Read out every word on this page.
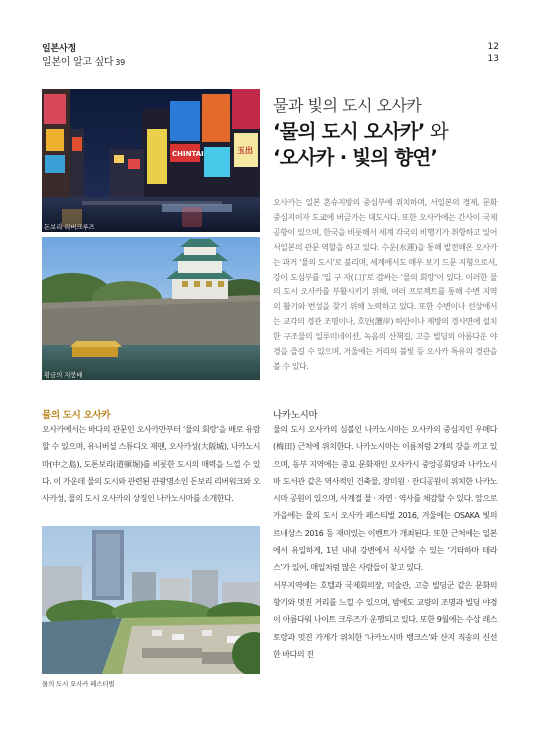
일본사정
일본이 알고 싶다 39
12
13
CHINTAI	玉出
돈보리 리버크루즈
황금의 지붕배
물과 빛의 도시 오사카
‘물의 도시 오사카’ 와
‘오사카 · 빛의 향연’
오사카는 일본 혼슈지방의 중심부에 위치하며, 서일본의 경제, 문화 중심지이자 도쿄에 버금가는 대도시다. 또한 오사카에는 간사이 국제공항이 있으며, 한국을 비롯해서 세계 각국의 비행기가 취항하고 있어 서일본의 관문 역할을 하고 있다. 수운(水運)을 통해 발전해온 오사카는 과거 ‘물의 도시’로 불리며, 세계에서도 매우 보기 드문 지형으로서, 강이 도심부를 ‘입 구 자(口)’로 감싸는 ‘물의 회랑’이 있다. 이러한 물의 도시 오사카를 부활시키기 위해, 여러 프로젝트를 통해 수변 지역의 활기와 번성을 찾기 위해 노력하고 있다. 또한 수변이나 선상에서는 교각의 경관 조명이나, 호안(護岸) 하안이나 제방의 경사면에 설치한 구조물의 일루미네이션, 녹음의 산책길, 고층 빌딩의 아름다운 야경을 즐길 수 있으며, 거울에는 거리의 불빛 등 오사카 특유의 경관을 볼 수 있다.
물의 도시 오사카
오사카에서는 바다의 관문인 오사카만부터 ‘물의 회랑’을 배로 유람할 수 있으며, 유니버셜 스튜디오 재팬, 오사카성(大阪城), 나카노시마(中之島), 도톤보리(道頓堀)를 비롯한 도시의 매력을 느낄 수 있다. 이 가운데 물의 도시와 관련된 관광명소인 돈보리 리버워크와 오사카성, 물의 도시 오사카의 상징인 나카노시마를 소개한다.
물의 도시 오사카 페스티벌
나카노시마

물의 도시 오사카의 심볼인 나카노시마는 오사카의 중심지인 우메다(梅田) 근처에 위치한다. 나카노시마는 이름처럼 2개의 강을 끼고 있으며, 동부 지역에는 중요 문화재인 오사카시 중앙공회당과 나카노시마 도서관 같은 역사적인 건축물, 장미원 · 잔디공원이 위치한 나카노시마 공원이 있으며, 사계절 물 · 자연 · 역사를 체감할 수 있다. 앞으로 가을에는 물의 도시 오사카 페스티벌 2016, 겨울에는 OSAKA 빛의 르네상스 2016 등 재미있는 이벤트가 개최된다. 또한 근처에는 일본에서 유일하게, 1년 내내 강변에서 식사할 수 있는 ‘기타하마 테라스’가 있어, 매일처럼 많은 사람들이 찾고 있다.

서부지역에는 호텔과 국제회의장, 미술관, 고층 빌딩군 같은 문화의 향기와 멋진 거리를 느낄 수 있으며, 밤에도 교량의 조명과 빌딩 야경이 아름다워 나이트 크루즈가 운행되고 있다. 또한 9월에는 수상 레스토랑과 멋진 가게가 위치한 ‘나카노시마 뱅크스’와 산지 직송의 신선한 바다의 진
